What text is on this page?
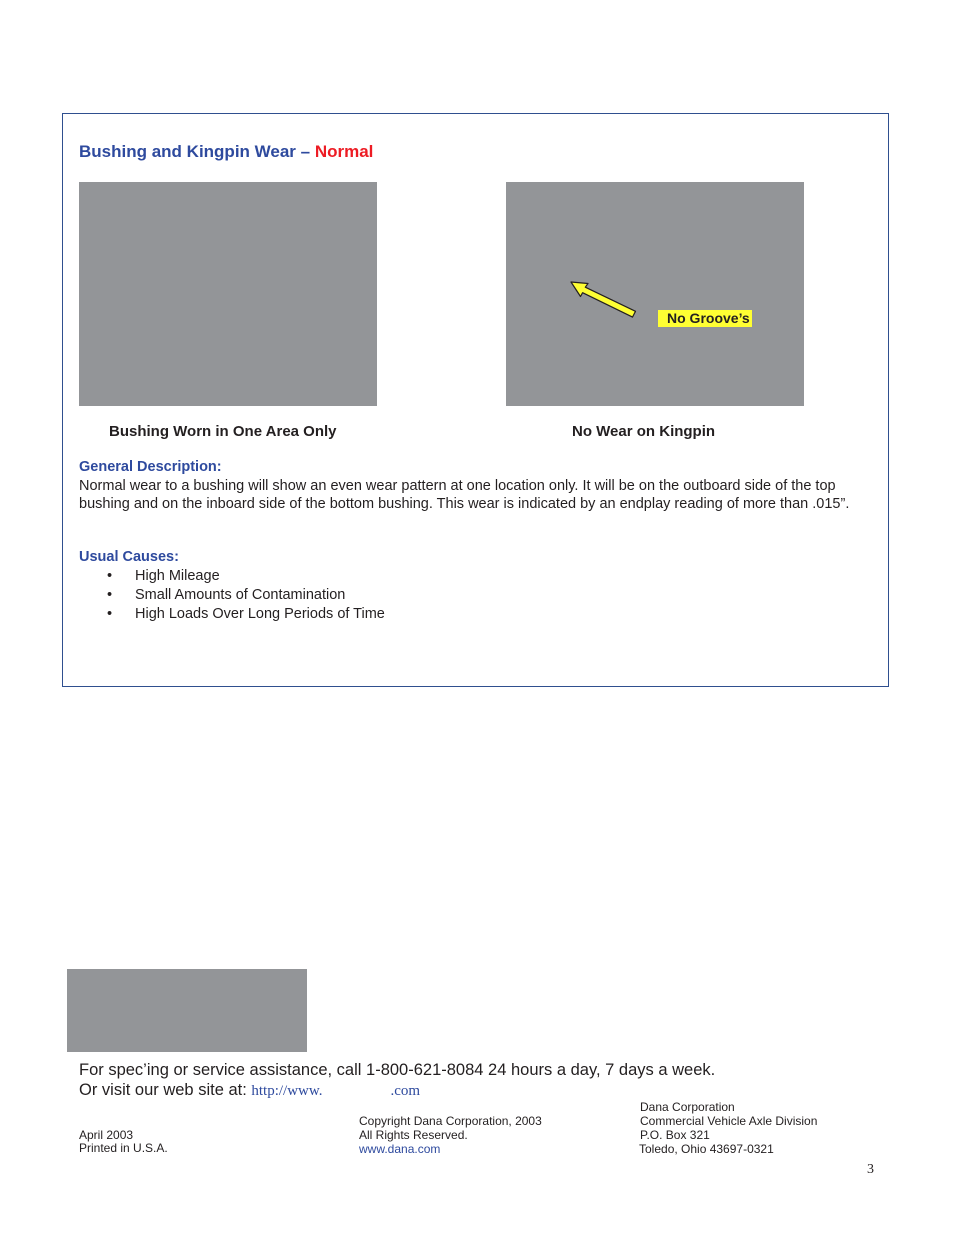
Bushing and Kingpin Wear – Normal
No Groove’s
Bushing Worn in One Area Only	No Wear on Kingpin
General Description:
Normal wear to a bushing will show an even wear pattern at one location only. It will be on the outboard side of the top bushing and on the inboard side of the bottom bushing. This wear is indicated by an endplay reading of more than .015”.
Usual Causes:
• High Mileage
• Small Amounts of Contamination
• High Loads Over Long Periods of Time
For spec’ing or service assistance, call 1-800-621-8084 24 hours a day, 7 days a week.
Or visit our web site at: http://www.	.com
April 2003
Printed in U.S.A.
Copyright Dana Corporation, 2003
All Rights Reserved.
www.dana.com
Dana Corporation
Commercial Vehicle Axle Division
P.O. Box 321
Toledo, Ohio 43697-0321
3
